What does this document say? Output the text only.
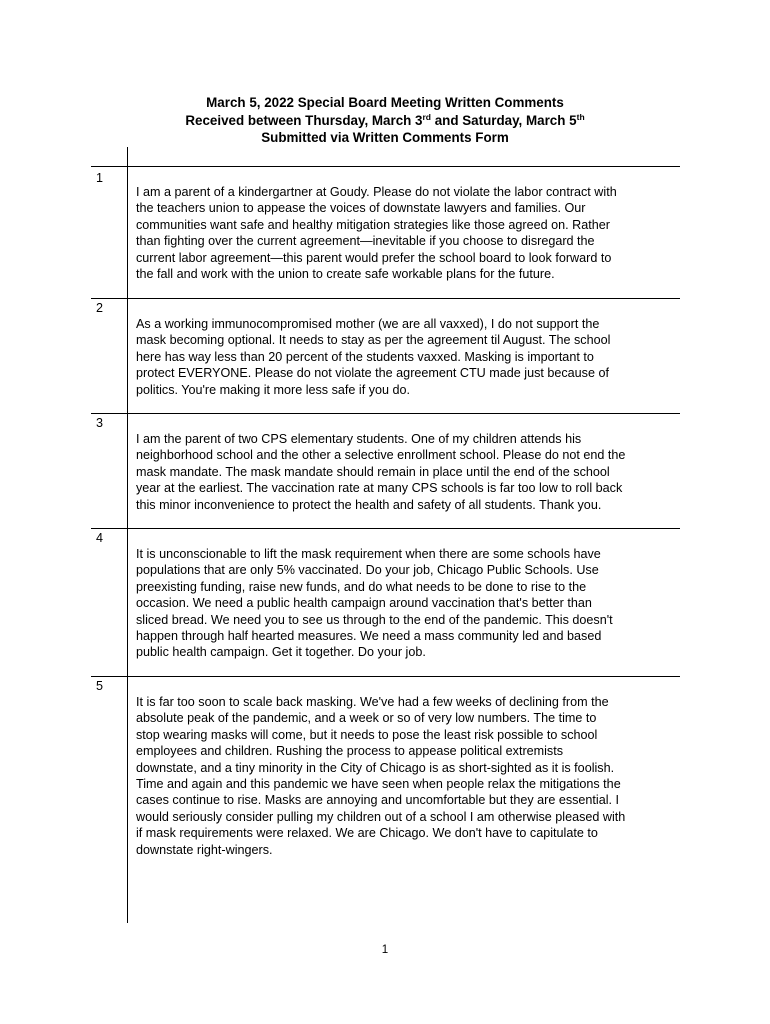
March 5, 2022 Special Board Meeting Written Comments
Received between Thursday, March 3rd and Saturday, March 5th
Submitted via Written Comments Form
1
I am a parent of a kindergartner at Goudy. Please do not violate the labor contract with
the teachers union to appease the voices of downstate lawyers and families. Our
communities want safe and healthy mitigation strategies like those agreed on. Rather
than fighting over the current agreement—inevitable if you choose to disregard the
current labor agreement—this parent would prefer the school board to look forward to
the fall and work with the union to create safe workable plans for the future.
2
As a working immunocompromised mother (we are all vaxxed), I do not support the
mask becoming optional. It needs to stay as per the agreement til August. The school
here has way less than 20 percent of the students vaxxed. Masking is important to
protect EVERYONE. Please do not violate the agreement CTU made just because of
politics. You're making it more less safe if you do.
3
I am the parent of two CPS elementary students. One of my children attends his
neighborhood school and the other a selective enrollment school. Please do not end the
mask mandate. The mask mandate should remain in place until the end of the school
year at the earliest. The vaccination rate at many CPS schools is far too low to roll back
this minor inconvenience to protect the health and safety of all students. Thank you.
4
It is unconscionable to lift the mask requirement when there are some schools have
populations that are only 5% vaccinated. Do your job, Chicago Public Schools. Use
preexisting funding, raise new funds, and do what needs to be done to rise to the
occasion. We need a public health campaign around vaccination that's better than
sliced bread. We need you to see us through to the end of the pandemic. This doesn't
happen through half hearted measures. We need a mass community led and based
public health campaign. Get it together. Do your job.
5
It is far too soon to scale back masking. We've had a few weeks of declining from the
absolute peak of the pandemic, and a week or so of very low numbers. The time to
stop wearing masks will come, but it needs to pose the least risk possible to school
employees and children. Rushing the process to appease political extremists
downstate, and a tiny minority in the City of Chicago is as short-sighted as it is foolish.
Time and again and this pandemic we have seen when people relax the mitigations the
cases continue to rise. Masks are annoying and uncomfortable but they are essential. I
would seriously consider pulling my children out of a school I am otherwise pleased with
if mask requirements were relaxed. We are Chicago. We don't have to capitulate to
downstate right-wingers.
1
